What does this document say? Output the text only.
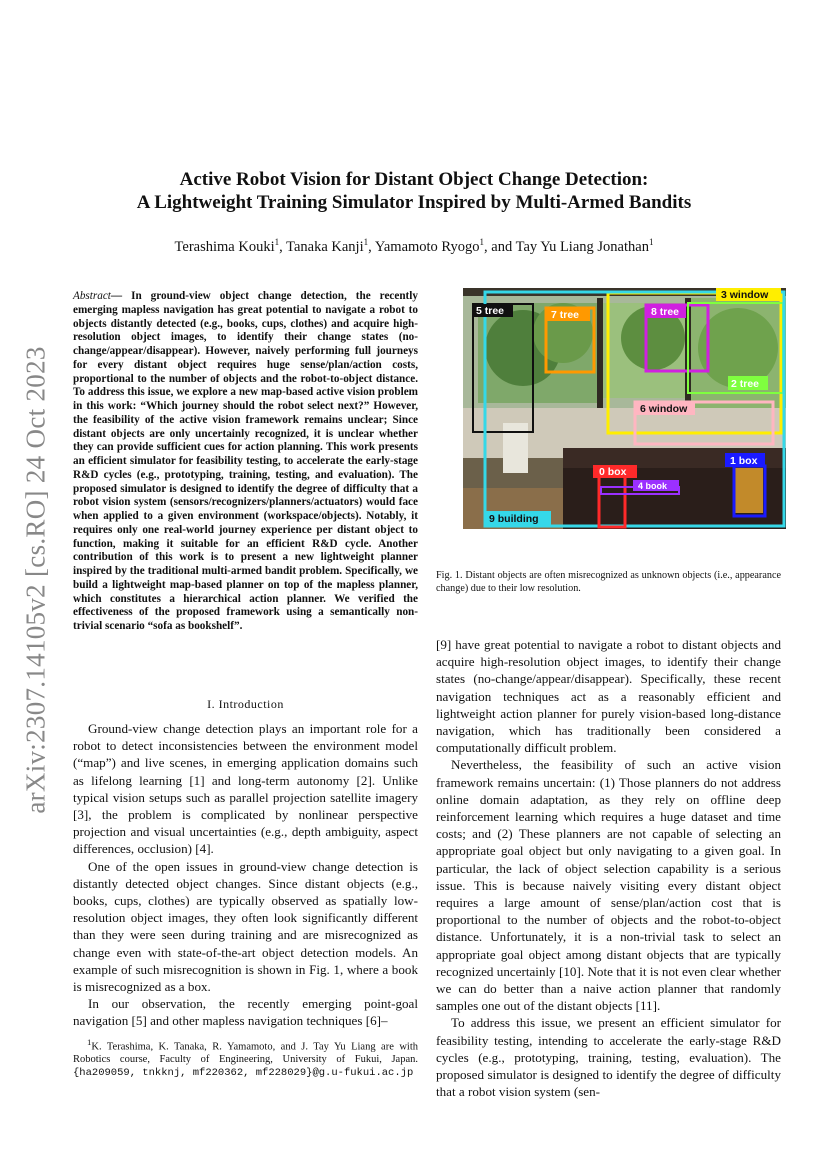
arXiv:2307.14105v2 [cs.RO] 24 Oct 2023
Active Robot Vision for Distant Object Change Detection:
A Lightweight Training Simulator Inspired by Multi-Armed Bandits
Terashima Kouki$^1$, Tanaka Kanji$^1$, Yamamoto Ryogo$^1$, and Tay Yu Liang Jonathan$^1$
Abstract— In ground-view object change detection, the recently emerging mapless navigation has great potential to navigate a robot to objects distantly detected (e.g., books, cups, clothes) and acquire high-resolution object images, to identify their change states (no-change/appear/disappear). However, naively performing full journeys for every distant object requires huge sense/plan/action costs, proportional to the number of objects and the robot-to-object distance. To address this issue, we explore a new map-based active vision problem in this work: “Which journey should the robot select next?” However, the feasibility of the active vision framework remains unclear; Since distant objects are only uncertainly recognized, it is unclear whether they can provide sufficient cues for action planning. This work presents an efficient simulator for feasibility testing, to accelerate the early-stage R&D cycles (e.g., prototyping, training, testing, and evaluation). The proposed simulator is designed to identify the degree of difficulty that a robot vision system (sensors/recognizers/planners/actuators) would face when applied to a given environment (workspace/objects). Notably, it requires only one real-world journey experience per distant object to function, making it suitable for an efficient R&D cycle. Another contribution of this work is to present a new lightweight planner inspired by the traditional multi-armed bandit problem. Specifically, we build a lightweight map-based planner on top of the mapless planner, which constitutes a hierarchical action planner. We verified the effectiveness of the proposed framework using a semantically non-trivial scenario “sofa as bookshelf”.
I. Introduction

Ground-view change detection plays an important role for a robot to detect inconsistencies between the environment model (“map”) and live scenes, in emerging application domains such as lifelong learning [1] and long-term autonomy [2]. Unlike typical vision setups such as parallel projection satellite imagery [3], the problem is complicated by nonlinear perspective projection and visual uncertainties (e.g., depth ambiguity, aspect differences, occlusion) [4].

One of the open issues in ground-view change detection is distantly detected object changes. Since distant objects (e.g., books, cups, clothes) are typically observed as spatially low-resolution object images, they often look significantly different than they were seen during training and are misrecognized as change even with state-of-the-art object detection models. An example of such misrecognition is shown in Fig. 1, where a book is misrecognized as a box.

In our observation, the recently emerging point-goal navigation [5] and other mapless navigation techniques [6]–

$^1$K. Terashima, K. Tanaka, R. Yamamoto, and J. Tay Yu Liang are with Robotics course, Faculty of Engineering, University of Fukui, Japan. {ha209059, tnkknj, mf220362, mf228029}@g.u-fukui.ac.jp
3 window
5 tree	7 tree	8 tree
2 tree
6 window
0 box
4 book
1 box
9 building
Fig. 1. Distant objects are often misrecognized as unknown objects (i.e., appearance change) due to their low resolution.

[9] have great potential to navigate a robot to distant objects and acquire high-resolution object images, to identify their change states (no-change/appear/disappear). Specifically, these recent navigation techniques act as a reasonably efficient and lightweight action planner for purely vision-based long-distance navigation, which has traditionally been considered a computationally difficult problem.

Nevertheless, the feasibility of such an active vision framework remains uncertain: (1) Those planners do not address online domain adaptation, as they rely on offline deep reinforcement learning which requires a huge dataset and time costs; and (2) These planners are not capable of selecting an appropriate goal object but only navigating to a given goal. In particular, the lack of object selection capability is a serious issue. This is because naively visiting every distant object requires a large amount of sense/plan/action cost that is proportional to the number of objects and the robot-to-object distance. Unfortunately, it is a non-trivial task to select an appropriate goal object among distant objects that are typically recognized uncertainly [10]. Note that it is not even clear whether we can do better than a naive action planner that randomly samples one out of the distant objects [11].

To address this issue, we present an efficient simulator for feasibility testing, intending to accelerate the early-stage R&D cycles (e.g., prototyping, training, testing, evaluation). The proposed simulator is designed to identify the degree of difficulty that a robot vision system (sen-
